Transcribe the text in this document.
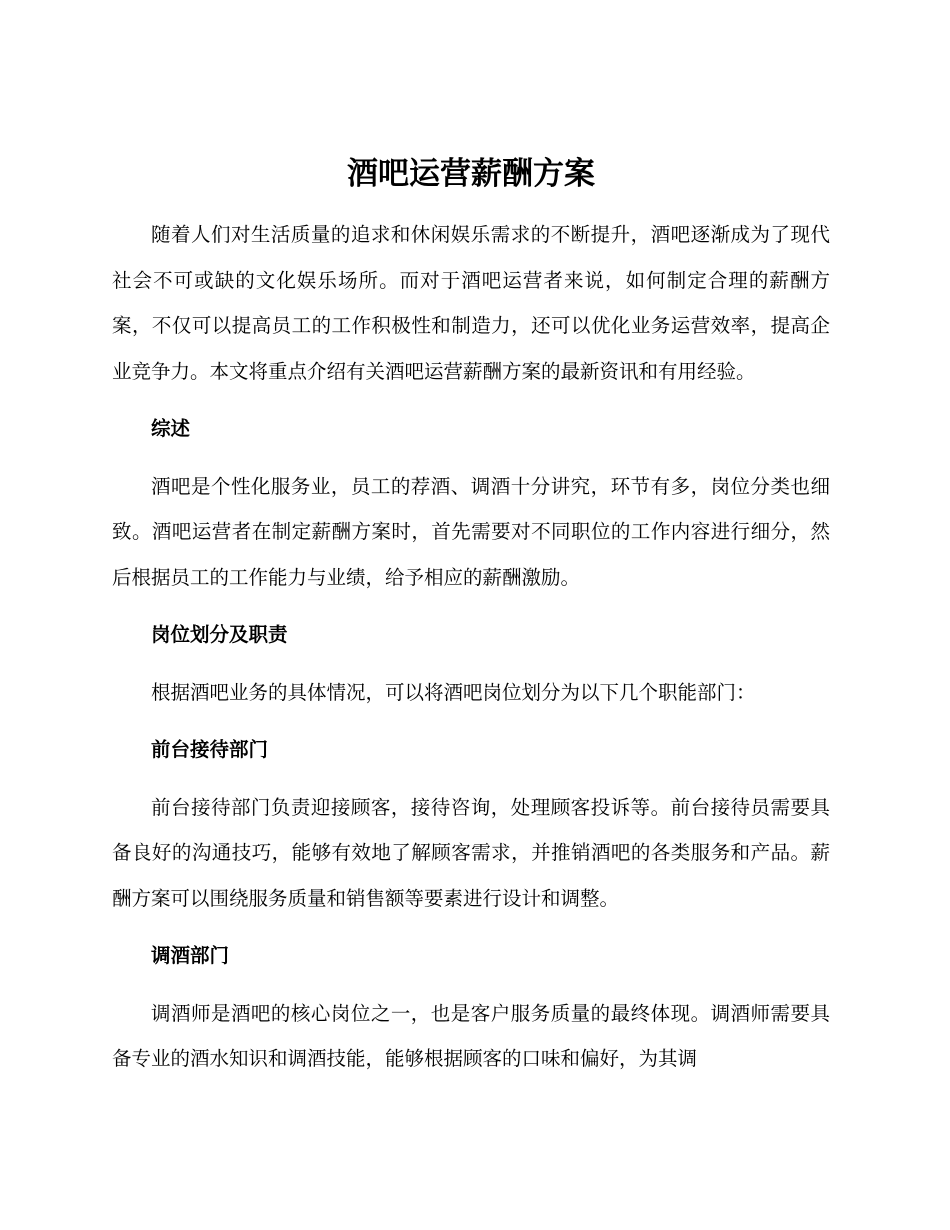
酒吧运营薪酬方案

随着人们对生活质量的追求和休闲娱乐需求的不断提升，酒吧逐渐成为了现代社会不可或缺的文化娱乐场所。而对于酒吧运营者来说，如何制定合理的薪酬方案，不仅可以提高员工的工作积极性和制造力，还可以优化业务运营效率，提高企业竞争力。本文将重点介绍有关酒吧运营薪酬方案的最新资讯和有用经验。

综述

酒吧是个性化服务业，员工的荐酒、调酒十分讲究，环节有多，岗位分类也细致。酒吧运营者在制定薪酬方案时，首先需要对不同职位的工作内容进行细分，然后根据员工的工作能力与业绩，给予相应的薪酬激励。

岗位划分及职责

根据酒吧业务的具体情况，可以将酒吧岗位划分为以下几个职能部门：

前台接待部门

前台接待部门负责迎接顾客，接待咨询，处理顾客投诉等。前台接待员需要具备良好的沟通技巧，能够有效地了解顾客需求，并推销酒吧的各类服务和产品。薪酬方案可以围绕服务质量和销售额等要素进行设计和调整。

调酒部门

调酒师是酒吧的核心岗位之一，也是客户服务质量的最终体现。调酒师需要具备专业的酒水知识和调酒技能，能够根据顾客的口味和偏好，为其调
